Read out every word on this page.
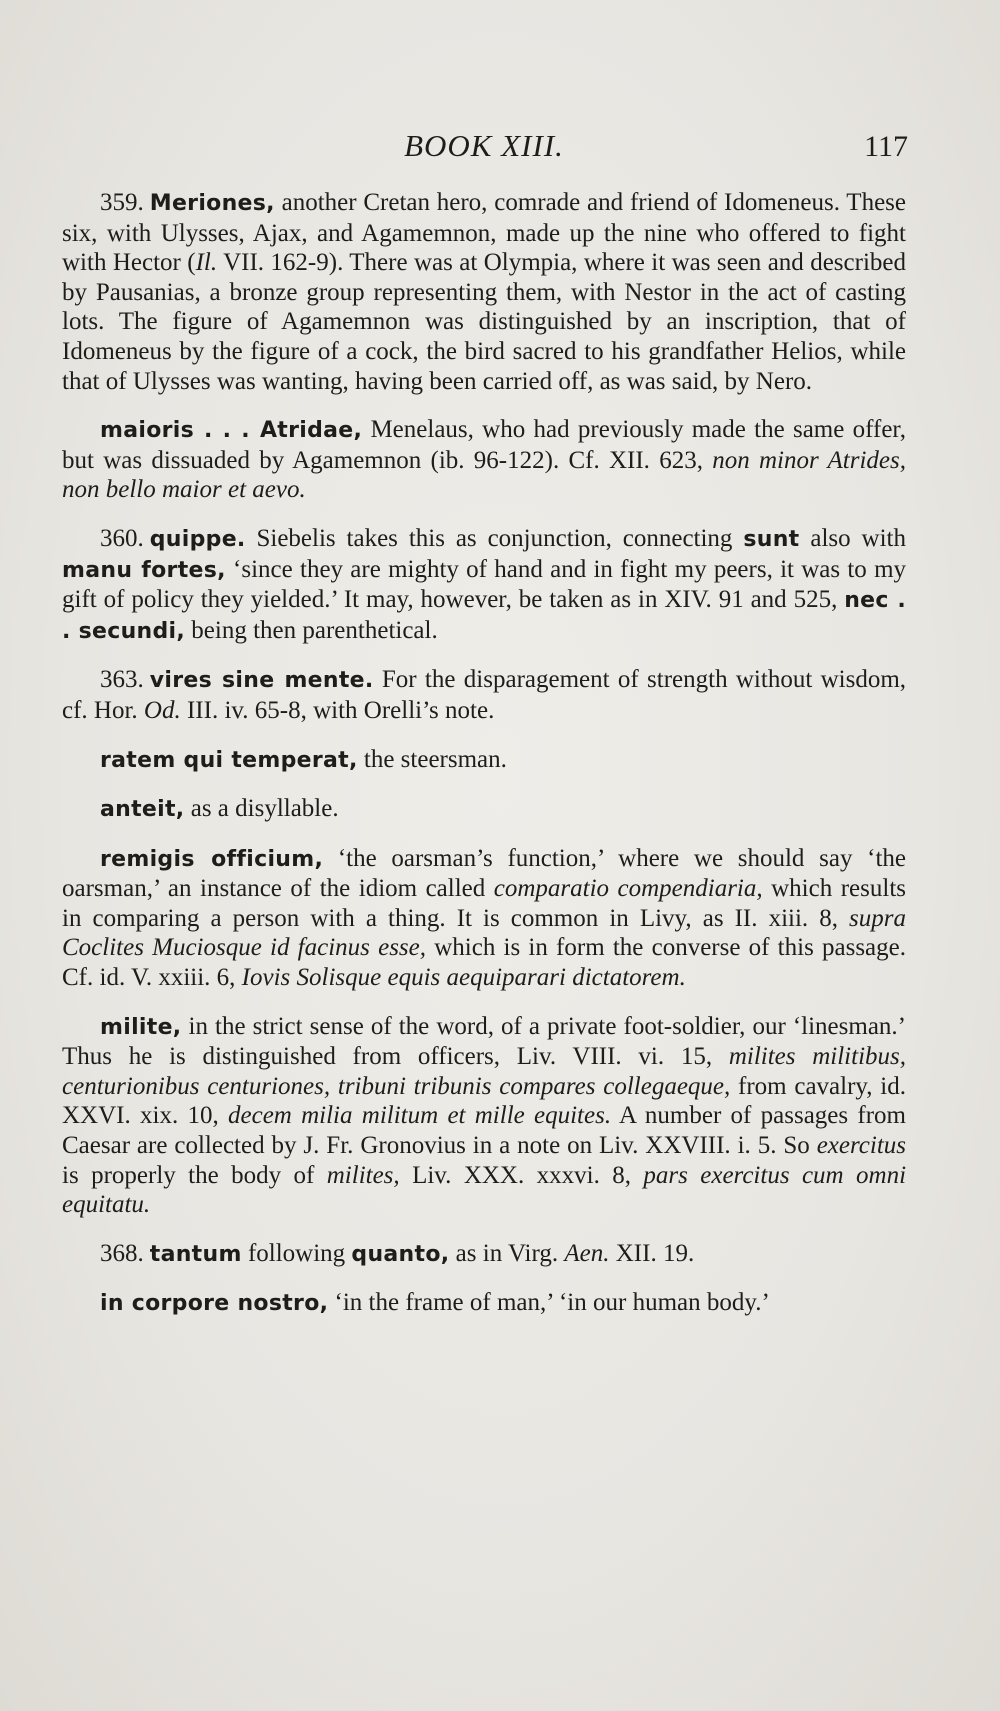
BOOK XIII.	117

359. Meriones, another Cretan hero, comrade and friend of Idomeneus. These six, with Ulysses, Ajax, and Agamemnon, made up the nine who offered to fight with Hector (Il. VII. 162-9). There was at Olympia, where it was seen and described by Pausanias, a bronze group representing them, with Nestor in the act of casting lots. The figure of Agamemnon was distinguished by an inscription, that of Idomeneus by the figure of a cock, the bird sacred to his grandfather Helios, while that of Ulysses was wanting, having been carried off, as was said, by Nero.

maioris . . . Atridae, Menelaus, who had previously made the same offer, but was dissuaded by Agamemnon (ib. 96-122). Cf. XII. 623, non minor Atrides, non bello maior et aevo.

360. quippe. Siebelis takes this as conjunction, connecting sunt also with manu fortes, ‘since they are mighty of hand and in fight my peers, it was to my gift of policy they yielded.’ It may, however, be taken as in XIV. 91 and 525, nec . . secundi, being then parenthetical.

363. vires sine mente. For the disparagement of strength without wisdom, cf. Hor. Od. III. iv. 65-8, with Orelli’s note.

ratem qui temperat, the steersman.

anteit, as a disyllable.

remigis officium, ‘the oarsman’s function,’ where we should say ‘the oarsman,’ an instance of the idiom called comparatio compendiaria, which results in comparing a person with a thing. It is common in Livy, as II. xiii. 8, supra Coclites Muciosque id facinus esse, which is in form the converse of this passage. Cf. id. V. xxiii. 6, Iovis Solisque equis aequiparari dictatorem.

milite, in the strict sense of the word, of a private foot-soldier, our ‘linesman.’ Thus he is distinguished from officers, Liv. VIII. vi. 15, milites militibus, centurionibus centuriones, tribuni tribunis compares collegaeque, from cavalry, id. XXVI. xix. 10, decem milia militum et mille equites. A number of passages from Caesar are collected by J. Fr. Gronovius in a note on Liv. XXVIII. i. 5. So exercitus is properly the body of milites, Liv. XXX. xxxvi. 8, pars exercitus cum omni equitatu.

368. tantum following quanto, as in Virg. Aen. XII. 19.

in corpore nostro, ‘in the frame of man,’ ‘in our human body.’
